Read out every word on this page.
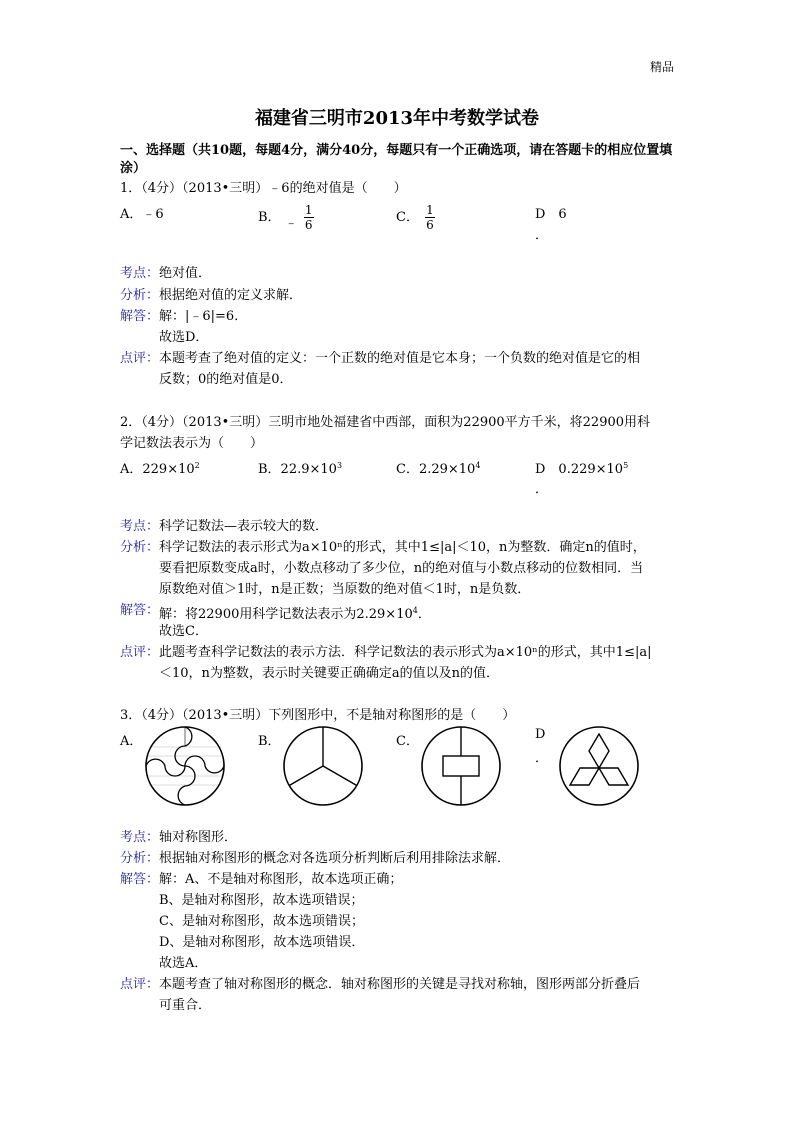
精品
福建省三明市2013年中考数学试卷
一、选择题（共10题，每题4分，满分40分，每题只有一个正确选项，请在答题卡的相应位置填涂）
1．（4分）（2013•三明）﹣6的绝对值是（　　）
A．﹣6	B． ﹣ $\frac{1}{6}$	C． $\frac{1}{6}$	D　6
．
考点： 绝对值．
分析： 根据绝对值的定义求解．
解答： 解：|﹣6|=6．
故选D．
点评： 本题考查了绝对值的定义：一个正数的绝对值是它本身；一个负数的绝对值是它的相
反数；0的绝对值是0．
2．（4分）（2013•三明）三明市地处福建省中西部，面积为22900平方千米，将22900用科
学记数法表示为（　　）
A．$229\times 10^2$	B．$22.9\times 10^3$	C．$2.29\times 10^4$	D　$0.229\times 10^5$
．
考点： 科学记数法—表示较大的数．
分析： 科学记数法的表示形式为a×10ⁿ的形式，其中1≤|a|＜10，n为整数．确定n的值时，
要看把原数变成a时，小数点移动了多少位，n的绝对值与小数点移动的位数相同．当
原数绝对值＞1时，n是正数；当原数的绝对值＜1时，n是负数．
解答： 解：将22900用科学记数法表示为$2.29\times 10^4$．
故选C．
点评： 此题考查科学记数法的表示方法．科学记数法的表示形式为a×10ⁿ的形式，其中1≤|a|
＜10，n为整数，表示时关键要正确确定a的值以及n的值．
3．（4分）（2013•三明）下列图形中，不是轴对称图形的是（　　）
A．	B．	C．	D
．
考点： 轴对称图形．
分析： 根据轴对称图形的概念对各选项分析判断后利用排除法求解．
解答： 解：A、不是轴对称图形，故本选项正确；
B、是轴对称图形，故本选项错误；
C、是轴对称图形，故本选项错误；
D、是轴对称图形，故本选项错误．
故选A．
点评： 本题考查了轴对称图形的概念．轴对称图形的关键是寻找对称轴，图形两部分折叠后
可重合．
